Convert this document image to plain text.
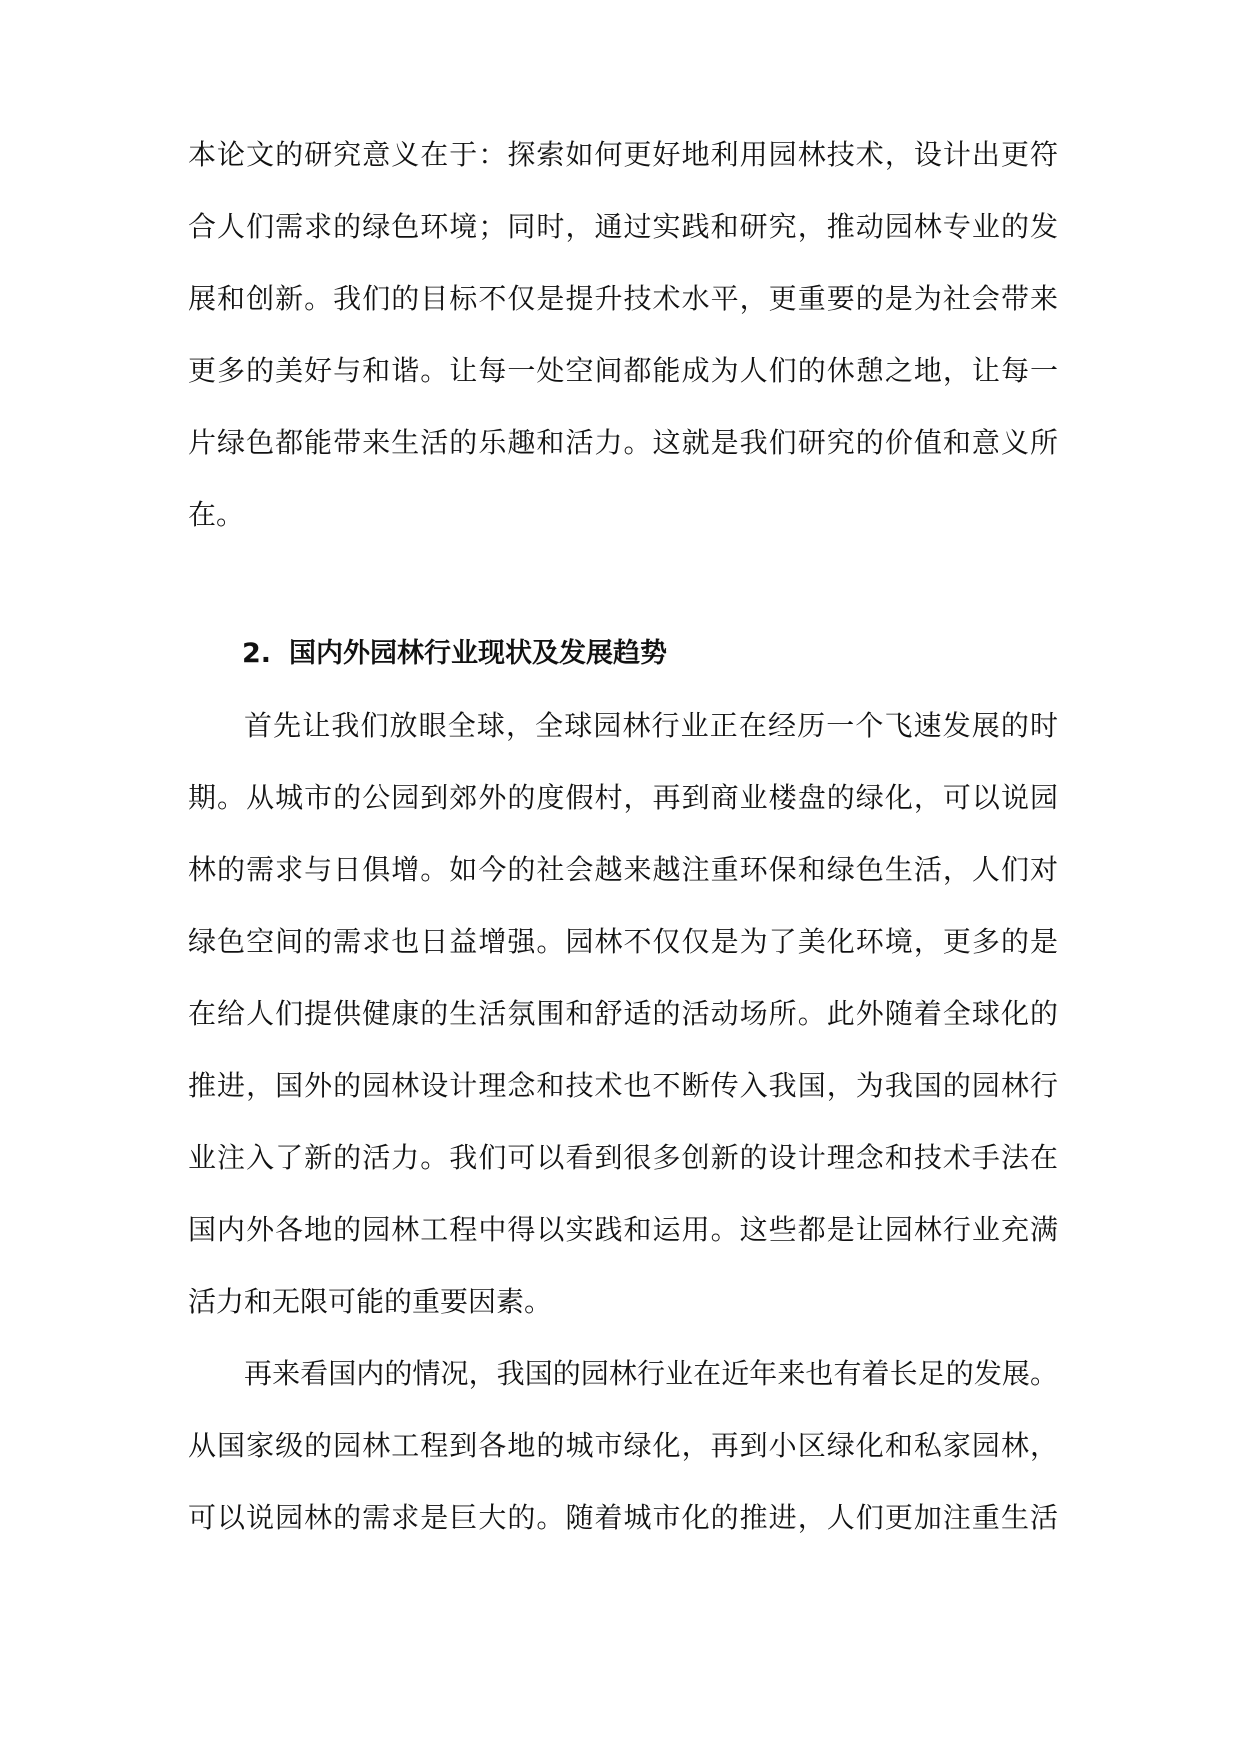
本论文的研究意义在于：探索如何更好地利用园林技术，设计出更符
合人们需求的绿色环境；同时，通过实践和研究，推动园林专业的发
展和创新。我们的目标不仅是提升技术水平，更重要的是为社会带来
更多的美好与和谐。让每一处空间都能成为人们的休憩之地，让每一
片绿色都能带来生活的乐趣和活力。这就是我们研究的价值和意义所
在。
2. 国内外园林行业现状及发展趋势
首先让我们放眼全球，全球园林行业正在经历一个飞速发展的时
期。从城市的公园到郊外的度假村，再到商业楼盘的绿化，可以说园
林的需求与日俱增。如今的社会越来越注重环保和绿色生活，人们对
绿色空间的需求也日益增强。园林不仅仅是为了美化环境，更多的是
在给人们提供健康的生活氛围和舒适的活动场所。此外随着全球化的
推进，国外的园林设计理念和技术也不断传入我国，为我国的园林行
业注入了新的活力。我们可以看到很多创新的设计理念和技术手法在
国内外各地的园林工程中得以实践和运用。这些都是让园林行业充满
活力和无限可能的重要因素。
再来看国内的情况，我国的园林行业在近年来也有着长足的发展。
从国家级的园林工程到各地的城市绿化，再到小区绿化和私家园林，
可以说园林的需求是巨大的。随着城市化的推进，人们更加注重生活
